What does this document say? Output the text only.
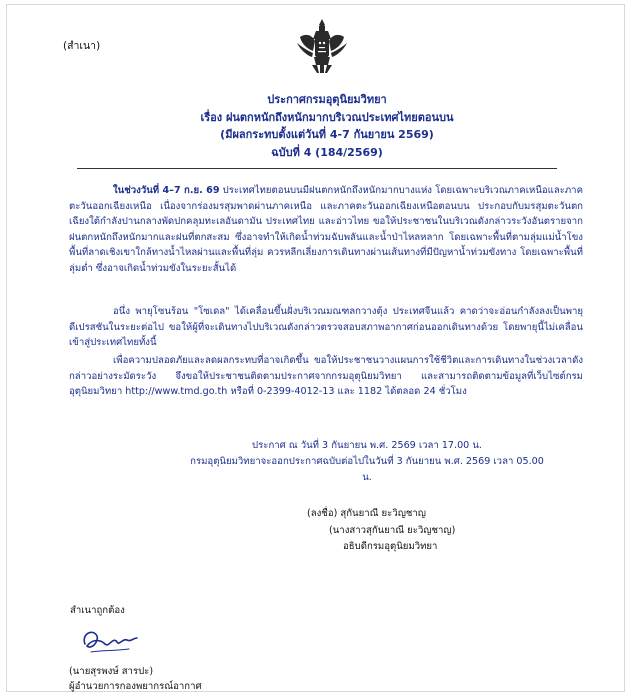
(สำเนา)
ประกาศกรมอุตุนิยมวิทยา
เรื่อง ฝนตกหนักถึงหนักมากบริเวณประเทศไทยตอนบน
(มีผลกระทบตั้งแต่วันที่ 4-7 กันยายน 2569)
ฉบับที่ 4 (184/2569)
ในช่วงวันที่ 4–7 ก.ย. 69 ประเทศไทยตอนบนมีฝนตกหนักถึงหนักมากบางแห่ง โดยเฉพาะบริเวณภาคเหนือและภาคตะวันออกเฉียงเหนือ เนื่องจากร่องมรสุมพาดผ่านภาคเหนือ และภาคตะวันออกเฉียงเหนือตอนบน ประกอบกับมรสุมตะวันตกเฉียงใต้กำลังปานกลางพัดปกคลุมทะเลอันดามัน ประเทศไทย และอ่าวไทย ขอให้ประชาชนในบริเวณดังกล่าวระวังอันตรายจากฝนตกหนักถึงหนักมากและฝนที่ตกสะสม ซึ่งอาจทำให้เกิดน้ำท่วมฉับพลันและน้ำป่าไหลหลาก โดยเฉพาะพื้นที่ตามลุ่มแม่น้ำโขง พื้นที่ลาดเชิงเขาใกล้ทางน้ำไหลผ่านและพื้นที่ลุ่ม ควรหลีกเลี่ยงการเดินทางผ่านเส้นทางที่มีปัญหาน้ำท่วมขังทาง โดยเฉพาะพื้นที่ลุ่มต่ำ ซึ่งอาจเกิดน้ำท่วมขังในระยะสั้นได้
อนึ่ง พายุโซนร้อน "โซเดล" ได้เคลื่อนขึ้นฝั่งบริเวณมณฑลกวางตุ้ง ประเทศจีนแล้ว คาดว่าจะอ่อนกำลังลงเป็นพายุดีเปรสชันในระยะต่อไป ขอให้ผู้ที่จะเดินทางไปบริเวณดังกล่าวตรวจสอบสภาพอากาศก่อนออกเดินทางด้วย โดยพายุนี้ไม่เคลื่อนเข้าสู่ประเทศไทยทั้งนี้
เพื่อความปลอดภัยและลดผลกระทบที่อาจเกิดขึ้น ขอให้ประชาชนวางแผนการใช้ชีวิตและการเดินทางในช่วงเวลาดังกล่าวอย่างระมัดระวัง จึงขอให้ประชาชนติดตามประกาศจากกรมอุตุนิยมวิทยา และสามารถติดตามข้อมูลที่เว็บไซต์กรมอุตุนิยมวิทยา http://www.tmd.go.th หรือที่ 0-2399-4012-13 และ 1182 ได้ตลอด 24 ชั่วโมง
ประกาศ ณ วันที่ 3 กันยายน พ.ศ. 2569 เวลา 17.00 น.
กรมอุตุนิยมวิทยาจะออกประกาศฉบับต่อไปในวันที่ 3 กันยายน พ.ศ. 2569 เวลา 05.00 น.
(ลงชื่อ) สุกันยาณี ยะวิญชาญ
(นางสาวสุกันยาณี ยะวิญชาญ)
อธิบดีกรมอุตุนิยมวิทยา
สำเนาถูกต้อง
(นายสุรพงษ์ สารปะ)
ผู้อำนวยการกองพยากรณ์อากาศ
